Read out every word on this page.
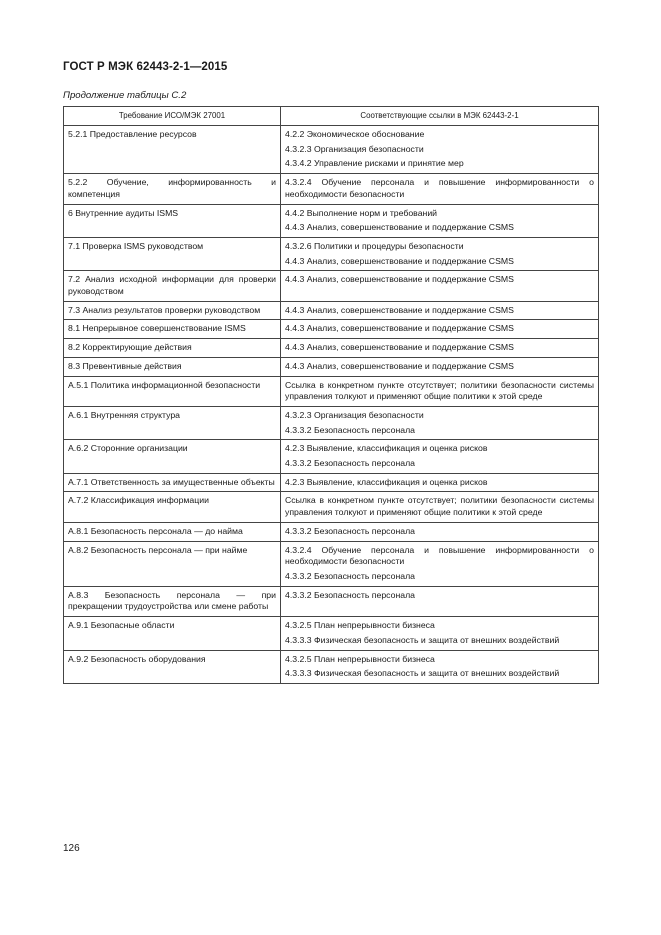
ГОСТ Р МЭК 62443-2-1—2015
Продолжение таблицы С.2
Требование ИСО/МЭК 27001	Соответствующие ссылки в МЭК 62443-2-1
5.2.1 Предоставление ресурсов	4.2.2 Экономическое обоснование
4.3.2.3 Организация безопасности
4.3.4.2 Управление рисками и принятие мер

5.2.2 Обучение, информированность и компетенция	4.3.2.4 Обучение персонала и повышение информированности о необходимости безопасности

6 Внутренние аудиты ISMS	4.4.2 Выполнение норм и требований
4.4.3 Анализ, совершенствование и поддержание CSMS

7.1 Проверка ISMS руководством	4.3.2.6 Политики и процедуры безопасности
4.4.3 Анализ, совершенствование и поддержание CSMS

7.2 Анализ исходной информации для проверки руководством	4.4.3 Анализ, совершенствование и поддержание CSMS

7.3 Анализ результатов проверки руководством	4.4.3 Анализ, совершенствование и поддержание CSMS

8.1 Непрерывное совершенствование ISMS	4.4.3 Анализ, совершенствование и поддержание CSMS

8.2 Корректирующие действия	4.4.3 Анализ, совершенствование и поддержание CSMS

8.3 Превентивные действия	4.4.3 Анализ, совершенствование и поддержание CSMS

A.5.1 Политика информационной безопасности	Ссылка в конкретном пункте отсутствует; политики безопасности системы управления толкуют и применяют общие политики к этой среде

A.6.1 Внутренняя структура	4.3.2.3 Организация безопасности
4.3.3.2 Безопасность персонала

A.6.2 Сторонние организации	4.2.3 Выявление, классификация и оценка рисков
4.3.3.2 Безопасность персонала

A.7.1 Ответственность за имущественные объекты	4.2.3 Выявление, классификация и оценка рисков

A.7.2 Классификация информации	Ссылка в конкретном пункте отсутствует; политики безопасности системы управления толкуют и применяют общие политики к этой среде

A.8.1 Безопасность персонала — до найма	4.3.3.2 Безопасность персонала

A.8.2 Безопасность персонала — при найме	4.3.2.4 Обучение персонала и повышение информированности о необходимости безопасности
4.3.3.2 Безопасность персонала

A.8.3 Безопасность персонала — при прекращении трудоустройства или смене работы	4.3.3.2 Безопасность персонала

A.9.1 Безопасные области	4.3.2.5 План непрерывности бизнеса
4.3.3.3 Физическая безопасность и защита от внешних воздействий

A.9.2 Безопасность оборудования	4.3.2.5 План непрерывности бизнеса
4.3.3.3 Физическая безопасность и защита от внешних воздействий
126
